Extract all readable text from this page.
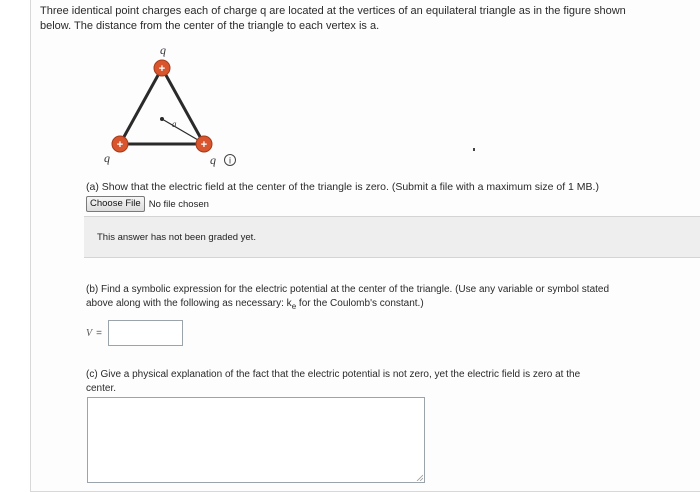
Three identical point charges each of charge q are located at the vertices of an equilateral triangle as in the figure shown
below. The distance from the center of the triangle to each vertex is a.
a
+
+	+
q
q	q i
(a) Show that the electric field at the center of the triangle is zero. (Submit a file with a maximum size of 1 MB.)
Choose File No file chosen
This answer has not been graded yet.
(b) Find a symbolic expression for the electric potential at the center of the triangle. (Use any variable or symbol stated
above along with the following as necessary: $k_e$ for the Coulomb's constant.)
V =
(c) Give a physical explanation of the fact that the electric potential is not zero, yet the electric field is zero at the
center.
